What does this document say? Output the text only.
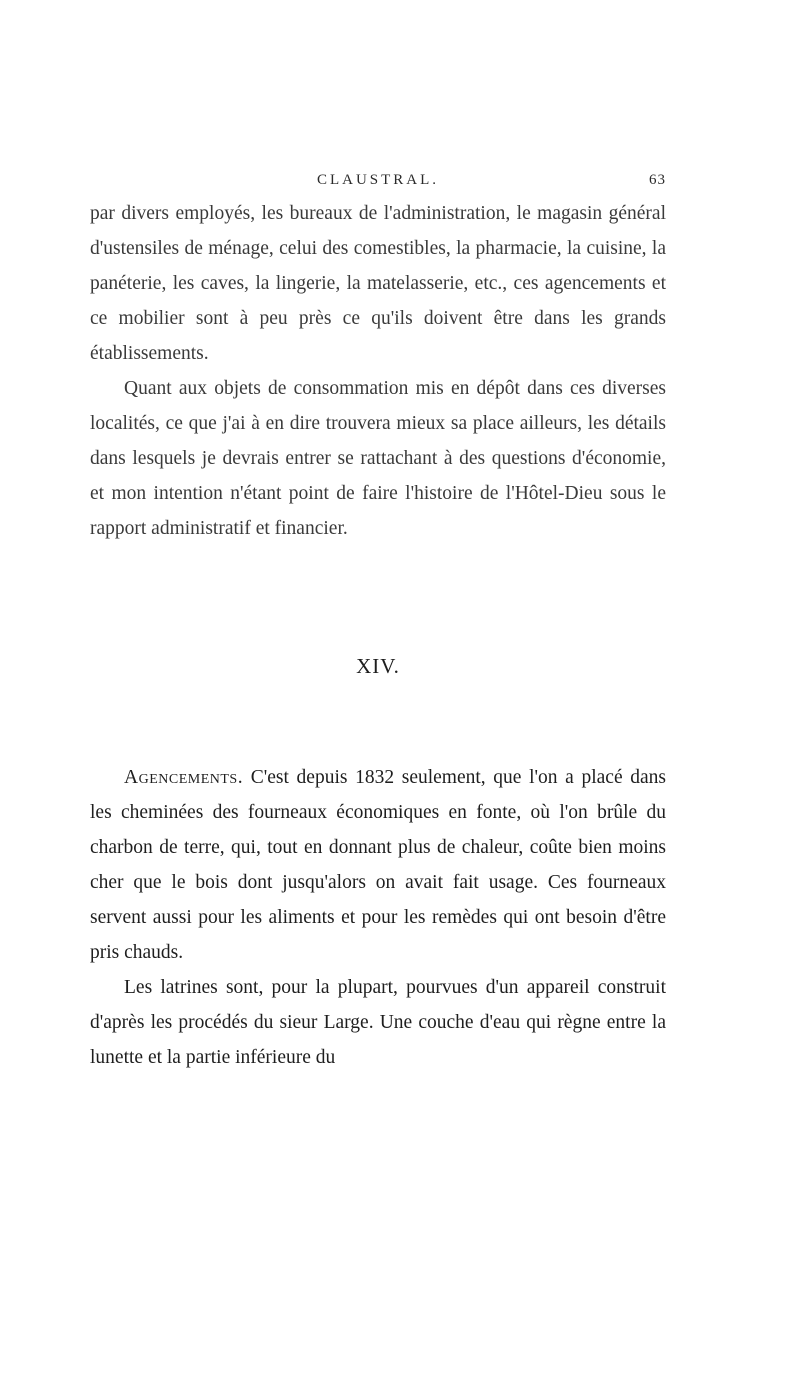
CLAUSTRAL.	63

par divers employés, les bureaux de l'administration, le magasin général d'ustensiles de ménage, celui des comestibles, la pharmacie, la cuisine, la panéterie, les caves, la lingerie, la matelasserie, etc., ces agencements et ce mobilier sont à peu près ce qu'ils doivent être dans les grands établissements.

Quant aux objets de consommation mis en dépôt dans ces diverses localités, ce que j'ai à en dire trouvera mieux sa place ailleurs, les détails dans lesquels je devrais entrer se rattachant à des questions d'économie, et mon intention n'étant point de faire l'histoire de l'Hôtel-Dieu sous le rapport administratif et financier.

XIV.

Agencements. C'est depuis 1832 seulement, que l'on a placé dans les cheminées des fourneaux économiques en fonte, où l'on brûle du charbon de terre, qui, tout en donnant plus de chaleur, coûte bien moins cher que le bois dont jusqu'alors on avait fait usage. Ces fourneaux servent aussi pour les aliments et pour les remèdes qui ont besoin d'être pris chauds.

Les latrines sont, pour la plupart, pourvues d'un appareil construit d'après les procédés du sieur Large. Une couche d'eau qui règne entre la lunette et la partie inférieure du
